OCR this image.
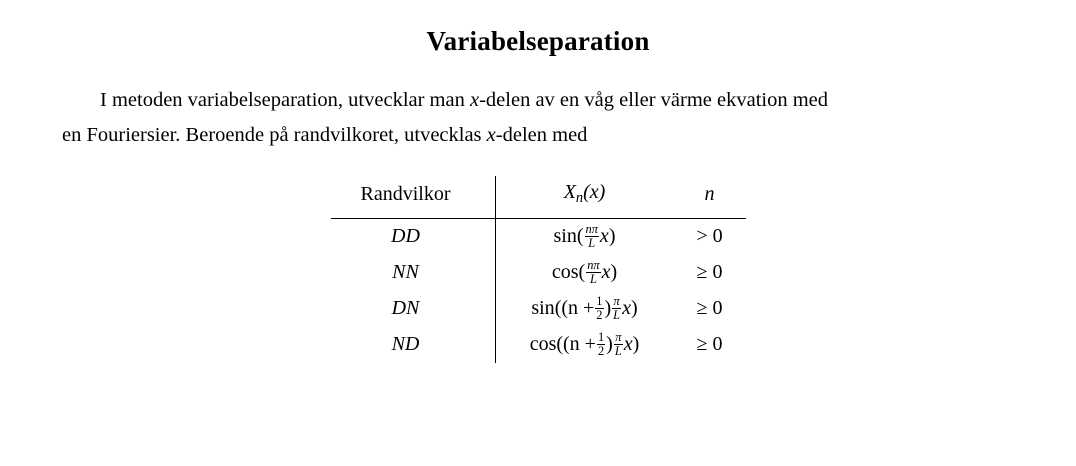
Variabelseparation
I metoden variabelseparation, utvecklar man x-delen av en våg eller värme ekvation med
en Fouriersier. Beroende på randvilkoret, utvecklas x-delen med
Randvilkor	$X_n(x)$	n
DD	$\sin( \frac{n\pi}{L} x)$	> 0
NN	$\cos( \frac{n\pi}{L} x)$	≥ 0
DN	$\sin((n + \frac{1}{2}$ ) $\frac{\pi}{L} x$)	≥ 0
ND	$\cos((n + \frac{1}{2}$ ) $\frac{\pi}{L} x$)	≥ 0
